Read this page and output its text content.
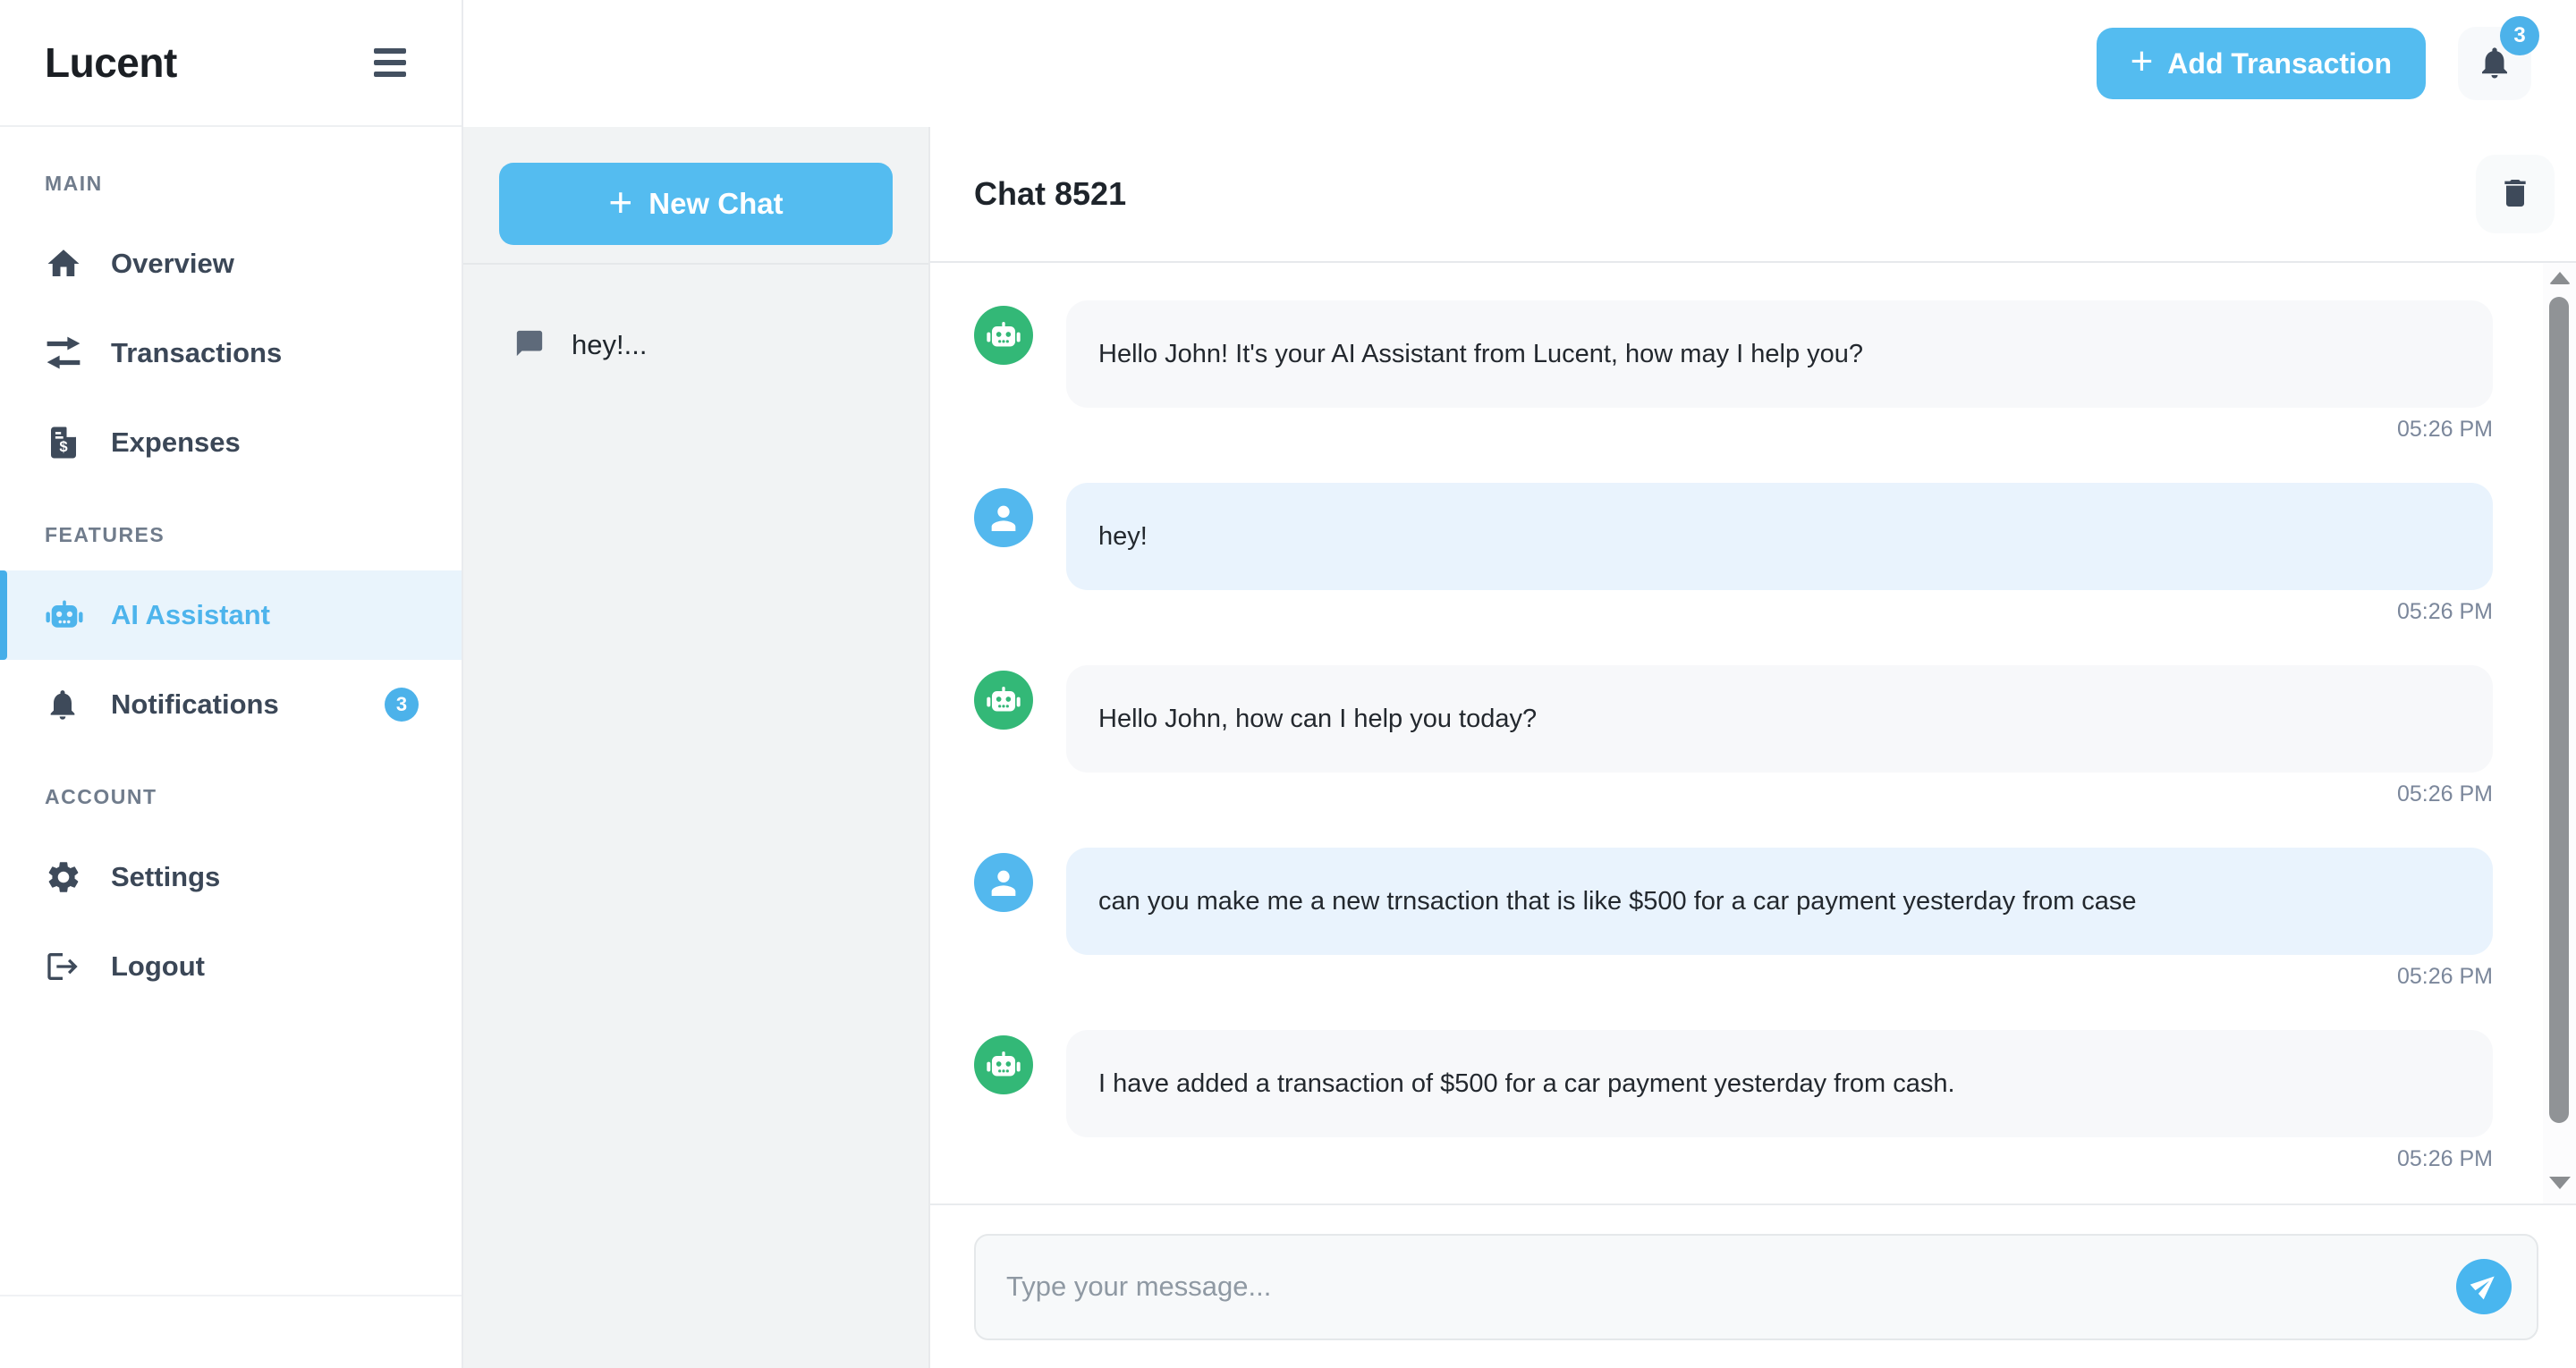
Lucent
MAIN
Overview
Transactions
$ Expenses
FEATURES
AI Assistant
Notifications	3
ACCOUNT
Settings
Logout
+ Add Transaction
3
+ New Chat
hey!...
Chat 8521
Hello John! It's your AI Assistant from Lucent, how may I help you?
05:26 PM
hey!
05:26 PM
Hello John, how can I help you today?
05:26 PM
can you make me a new trnsaction that is like $500 for a car payment yesterday from case
05:26 PM
I have added a transaction of $500 for a car payment yesterday from cash.
05:26 PM
Type your message...
